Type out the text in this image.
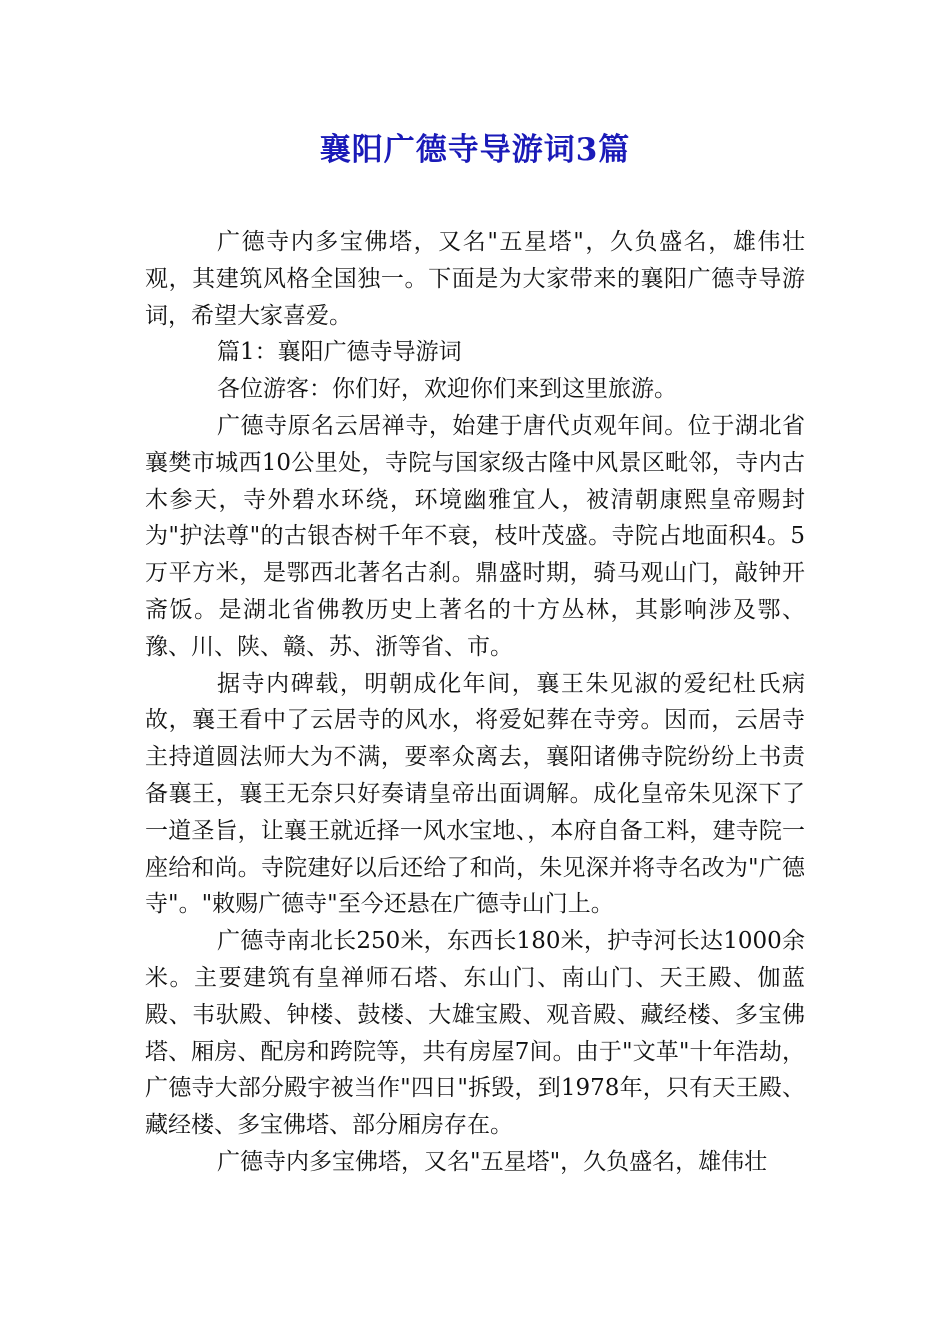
襄阳广德寺导游词3篇

广德寺内多宝佛塔，又名"五星塔"，久负盛名，雄伟壮观，其建筑风格全国独一。下面是为大家带来的襄阳广德寺导游词，希望大家喜爱。

篇1：襄阳广德寺导游词

各位游客：你们好，欢迎你们来到这里旅游。

广德寺原名云居禅寺，始建于唐代贞观年间。位于湖北省襄樊市城西10公里处，寺院与国家级古隆中风景区毗邻，寺内古木参天，寺外碧水环绕，环境幽雅宜人，被清朝康熙皇帝赐封为"护法尊"的古银杏树千年不衰，枝叶茂盛。寺院占地面积4。5万平方米，是鄂西北著名古刹。鼎盛时期，骑马观山门，敲钟开斋饭。是湖北省佛教历史上著名的十方丛林，其影响涉及鄂、豫、川、陕、赣、苏、浙等省、市。

据寺内碑载，明朝成化年间，襄王朱见淑的爱纪杜氏病故，襄王看中了云居寺的风水，将爱妃葬在寺旁。因而，云居寺主持道圆法师大为不满，要率众离去，襄阳诸佛寺院纷纷上书责备襄王，襄王无奈只好奏请皇帝出面调解。成化皇帝朱见深下了一道圣旨，让襄王就近择一风水宝地、，本府自备工料，建寺院一座给和尚。寺院建好以后还给了和尚，朱见深并将寺名改为"广德寺"。"敕赐广德寺"至今还悬在广德寺山门上。

广德寺南北长250米，东西长180米，护寺河长达1000余米。主要建筑有皇禅师石塔、东山门、南山门、天王殿、伽蓝殿、韦驮殿、钟楼、鼓楼、大雄宝殿、观音殿、藏经楼、多宝佛塔、厢房、配房和跨院等，共有房屋7间。由于"文革"十年浩劫，广德寺大部分殿宇被当作"四日"拆毁，到1978年，只有天王殿、藏经楼、多宝佛塔、部分厢房存在。

广德寺内多宝佛塔，又名"五星塔"，久负盛名，雄伟壮
